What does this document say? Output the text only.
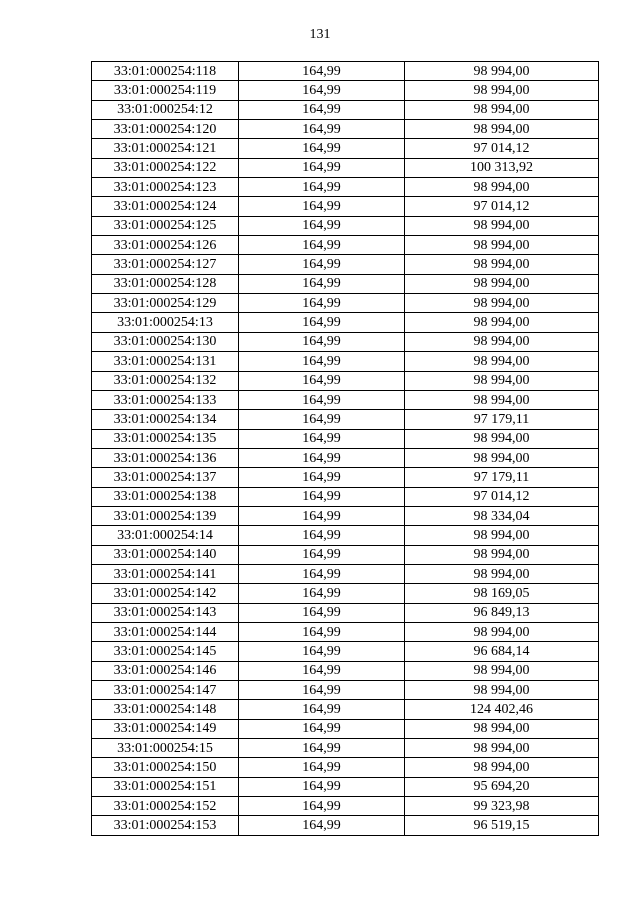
131
33:01:000254:118	164,99	98 994,00
33:01:000254:119	164,99	98 994,00
33:01:000254:12	164,99	98 994,00
33:01:000254:120	164,99	98 994,00
33:01:000254:121	164,99	97 014,12
33:01:000254:122	164,99	100 313,92
33:01:000254:123	164,99	98 994,00
33:01:000254:124	164,99	97 014,12
33:01:000254:125	164,99	98 994,00
33:01:000254:126	164,99	98 994,00
33:01:000254:127	164,99	98 994,00
33:01:000254:128	164,99	98 994,00
33:01:000254:129	164,99	98 994,00
33:01:000254:13	164,99	98 994,00
33:01:000254:130	164,99	98 994,00
33:01:000254:131	164,99	98 994,00
33:01:000254:132	164,99	98 994,00
33:01:000254:133	164,99	98 994,00
33:01:000254:134	164,99	97 179,11
33:01:000254:135	164,99	98 994,00
33:01:000254:136	164,99	98 994,00
33:01:000254:137	164,99	97 179,11
33:01:000254:138	164,99	97 014,12
33:01:000254:139	164,99	98 334,04
33:01:000254:14	164,99	98 994,00
33:01:000254:140	164,99	98 994,00
33:01:000254:141	164,99	98 994,00
33:01:000254:142	164,99	98 169,05
33:01:000254:143	164,99	96 849,13
33:01:000254:144	164,99	98 994,00
33:01:000254:145	164,99	96 684,14
33:01:000254:146	164,99	98 994,00
33:01:000254:147	164,99	98 994,00
33:01:000254:148	164,99	124 402,46
33:01:000254:149	164,99	98 994,00
33:01:000254:15	164,99	98 994,00
33:01:000254:150	164,99	98 994,00
33:01:000254:151	164,99	95 694,20
33:01:000254:152	164,99	99 323,98
33:01:000254:153	164,99	96 519,15
